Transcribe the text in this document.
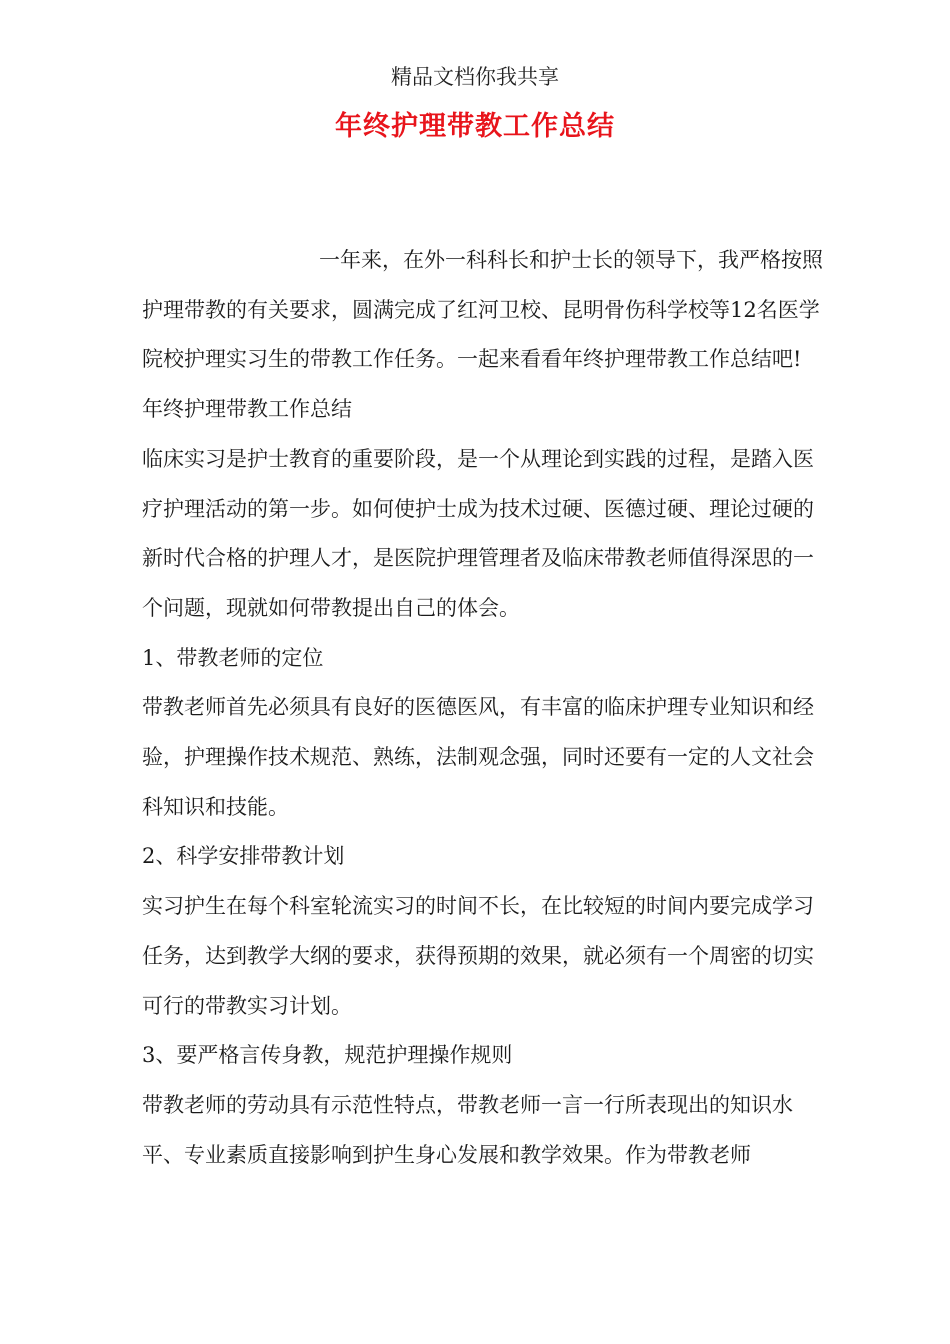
精品文档你我共享
年终护理带教工作总结

一年来，在外一科科长和护士长的领导下，我严格按照护理带教的有关要求，圆满完成了红河卫校、昆明骨伤科学校等12名医学院校护理实习生的带教工作任务。一起来看看年终护理带教工作总结吧!

年终护理带教工作总结

临床实习是护士教育的重要阶段，是一个从理论到实践的过程，是踏入医疗护理活动的第一步。如何使护士成为技术过硬、医德过硬、理论过硬的新时代合格的护理人才，是医院护理管理者及临床带教老师值得深思的一个问题，现就如何带教提出自己的体会。

1、带教老师的定位

带教老师首先必须具有良好的医德医风，有丰富的临床护理专业知识和经验，护理操作技术规范、熟练，法制观念强，同时还要有一定的人文社会科知识和技能。

2、科学安排带教计划

实习护生在每个科室轮流实习的时间不长，在比较短的时间内要完成学习任务，达到教学大纲的要求，获得预期的效果，就必须有一个周密的切实可行的带教实习计划。

3、要严格言传身教，规范护理操作规则

带教老师的劳动具有示范性特点，带教老师一言一行所表现出的知识水平、专业素质直接影响到护生身心发展和教学效果。作为带教老师
